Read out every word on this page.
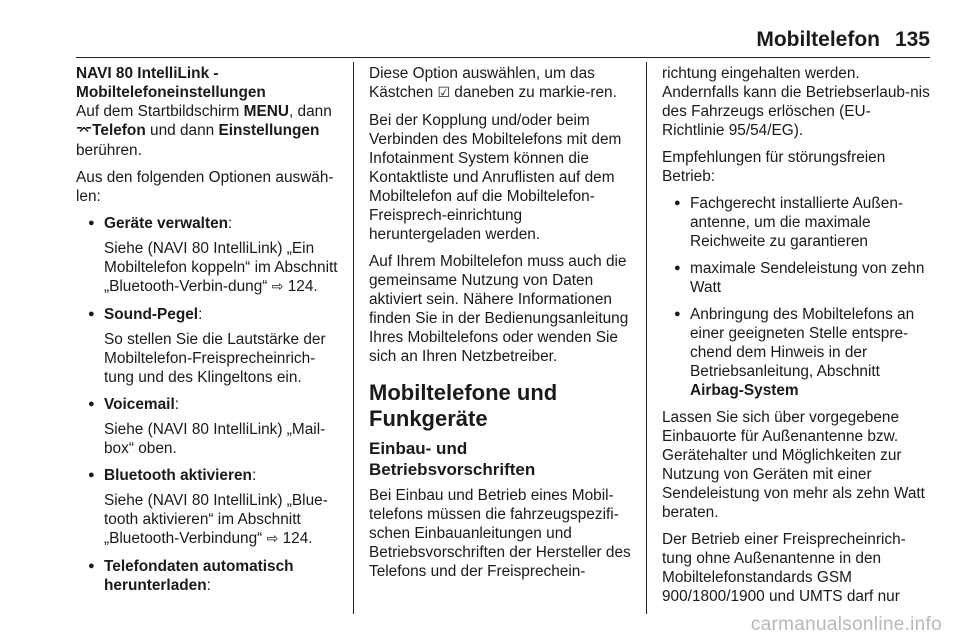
Mobiltelefon 135
NAVI 80 IntelliLink -
Mobiltelefoneinstellungen

Auf dem Startbildschirm MENU, dann
⌤Telefon und dann Einstellungen
berühren.

Aus den folgenden Optionen auswäh-len:

● Geräte verwalten:
Siehe (NAVI 80 IntelliLink) „Ein Mobiltelefon koppeln“ im Abschnitt „Bluetooth-Verbin-dung“ ⇨ 124.
● Sound-Pegel:
So stellen Sie die Lautstärke der Mobiltelefon-Freisprecheinrich-tung und des Klingeltons ein.
● Voicemail:
Siehe (NAVI 80 IntelliLink) „Mail-box“ oben.
● Bluetooth aktivieren:
Siehe (NAVI 80 IntelliLink) „Blue-tooth aktivieren“ im Abschnitt „Bluetooth-Verbindung“ ⇨ 124.
● Telefondaten automatisch herunterladen:

Diese Option auswählen, um das Kästchen ☑ daneben zu markie-ren.

Bei der Kopplung und/oder beim Verbinden des Mobiltelefons mit dem Infotainment System können die Kontaktliste und Anruflisten auf dem Mobiltelefon auf die Mobiltelefon-Freisprech-einrichtung heruntergeladen werden.

Auf Ihrem Mobiltelefon muss auch die gemeinsame Nutzung von Daten aktiviert sein. Nähere Informationen finden Sie in der Bedienungsanleitung Ihres Mobiltelefons oder wenden Sie sich an Ihren Netzbetreiber.

Mobiltelefone und Funkgeräte
Einbau- und Betriebsvorschriften

Bei Einbau und Betrieb eines Mobil-telefons müssen die fahrzeugspezifi-schen Einbauanleitungen und Betriebsvorschriften der Hersteller des Telefons und der Freisprechein-

richtung eingehalten werden. Andernfalls kann die Betriebserlaub-nis des Fahrzeugs erlöschen (EU-Richtlinie 95/54/EG).

Empfehlungen für störungsfreien Betrieb:

● Fachgerecht installierte Außen-antenne, um die maximale Reichweite zu garantieren
● maximale Sendeleistung von zehn Watt
● Anbringung des Mobiltelefons an einer geeigneten Stelle entspre-chend dem Hinweis in der Betriebsanleitung, Abschnitt
Airbag-System

Lassen Sie sich über vorgegebene Einbauorte für Außenantenne bzw. Gerätehalter und Möglichkeiten zur Nutzung von Geräten mit einer Sendeleistung von mehr als zehn Watt beraten.

Der Betrieb einer Freisprecheinrich-tung ohne Außenantenne in den Mobiltelefonstandards GSM 900/1800/1900 und UMTS darf nur

carmanualsonline.info
